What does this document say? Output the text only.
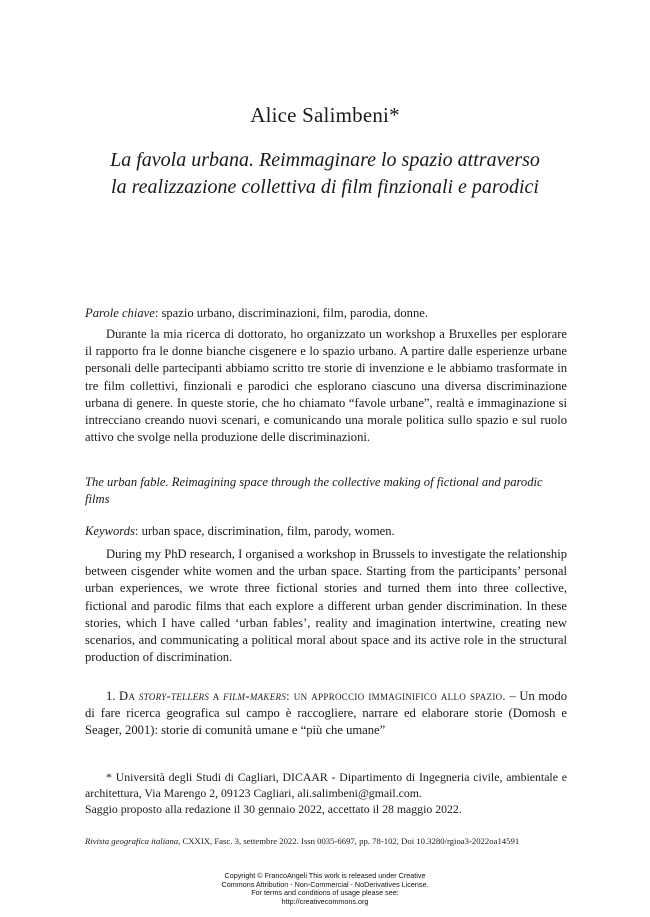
Alice Salimbeni*
La favola urbana. Reimmaginare lo spazio attraverso
la realizzazione collettiva di film finzionali e parodici

Parole chiave: spazio urbano, discriminazioni, film, parodia, donne.

Durante la mia ricerca di dottorato, ho organizzato un workshop a Bruxelles per esplorare il rapporto fra le donne bianche cisgenere e lo spazio urbano. A partire dalle esperienze urbane personali delle partecipanti abbiamo scritto tre storie di invenzione e le abbiamo trasformate in tre film collettivi, finzionali e parodici che esplorano ciascuno una diversa discriminazione urbana di genere. In queste storie, che ho chiamato “favole urbane”, realtà e immaginazione si intrecciano creando nuovi scenari, e comunicando una morale politica sullo spazio e sul ruolo attivo che svolge nella produzione delle discriminazioni.

The urban fable. Reimagining space through the collective making of fictional and parodic films

Keywords: urban space, discrimination, film, parody, women.

During my PhD research, I organised a workshop in Brussels to investigate the relationship between cisgender white women and the urban space. Starting from the participants’ personal urban experiences, we wrote three fictional stories and turned them into three collective, fictional and parodic films that each explore a different urban gender discrimination. In these stories, which I have called ‘urban fables’, reality and imagination intertwine, creating new scenarios, and communicating a political moral about space and its active role in the structural production of discrimination.

1. Da story-tellers a film-makers: un approccio immaginifico allo spazio. – Un modo di fare ricerca geografica sul campo è raccogliere, narrare ed elaborare storie (Domosh e Seager, 2001): storie di comunità umane e “più che umane”

* Università degli Studi di Cagliari, DICAAR - Dipartimento di Ingegneria civile, ambientale e architettura, Via Marengo 2, 09123 Cagliari, ali.salimbeni@gmail.com.

Saggio proposto alla redazione il 30 gennaio 2022, accettato il 28 maggio 2022.

Rivista geografica italiana, CXXIX, Fasc. 3, settembre 2022. Issn 0035-6697, pp. 78-102, Doi 10.3280/rgioa3-2022oa14591
Copyright © FrancoAngeli This work is released under Creative
Commons Attribution - Non-Commercial - NoDerivatives License.
For terms and conditions of usage please see:
http://creativecommons.org
